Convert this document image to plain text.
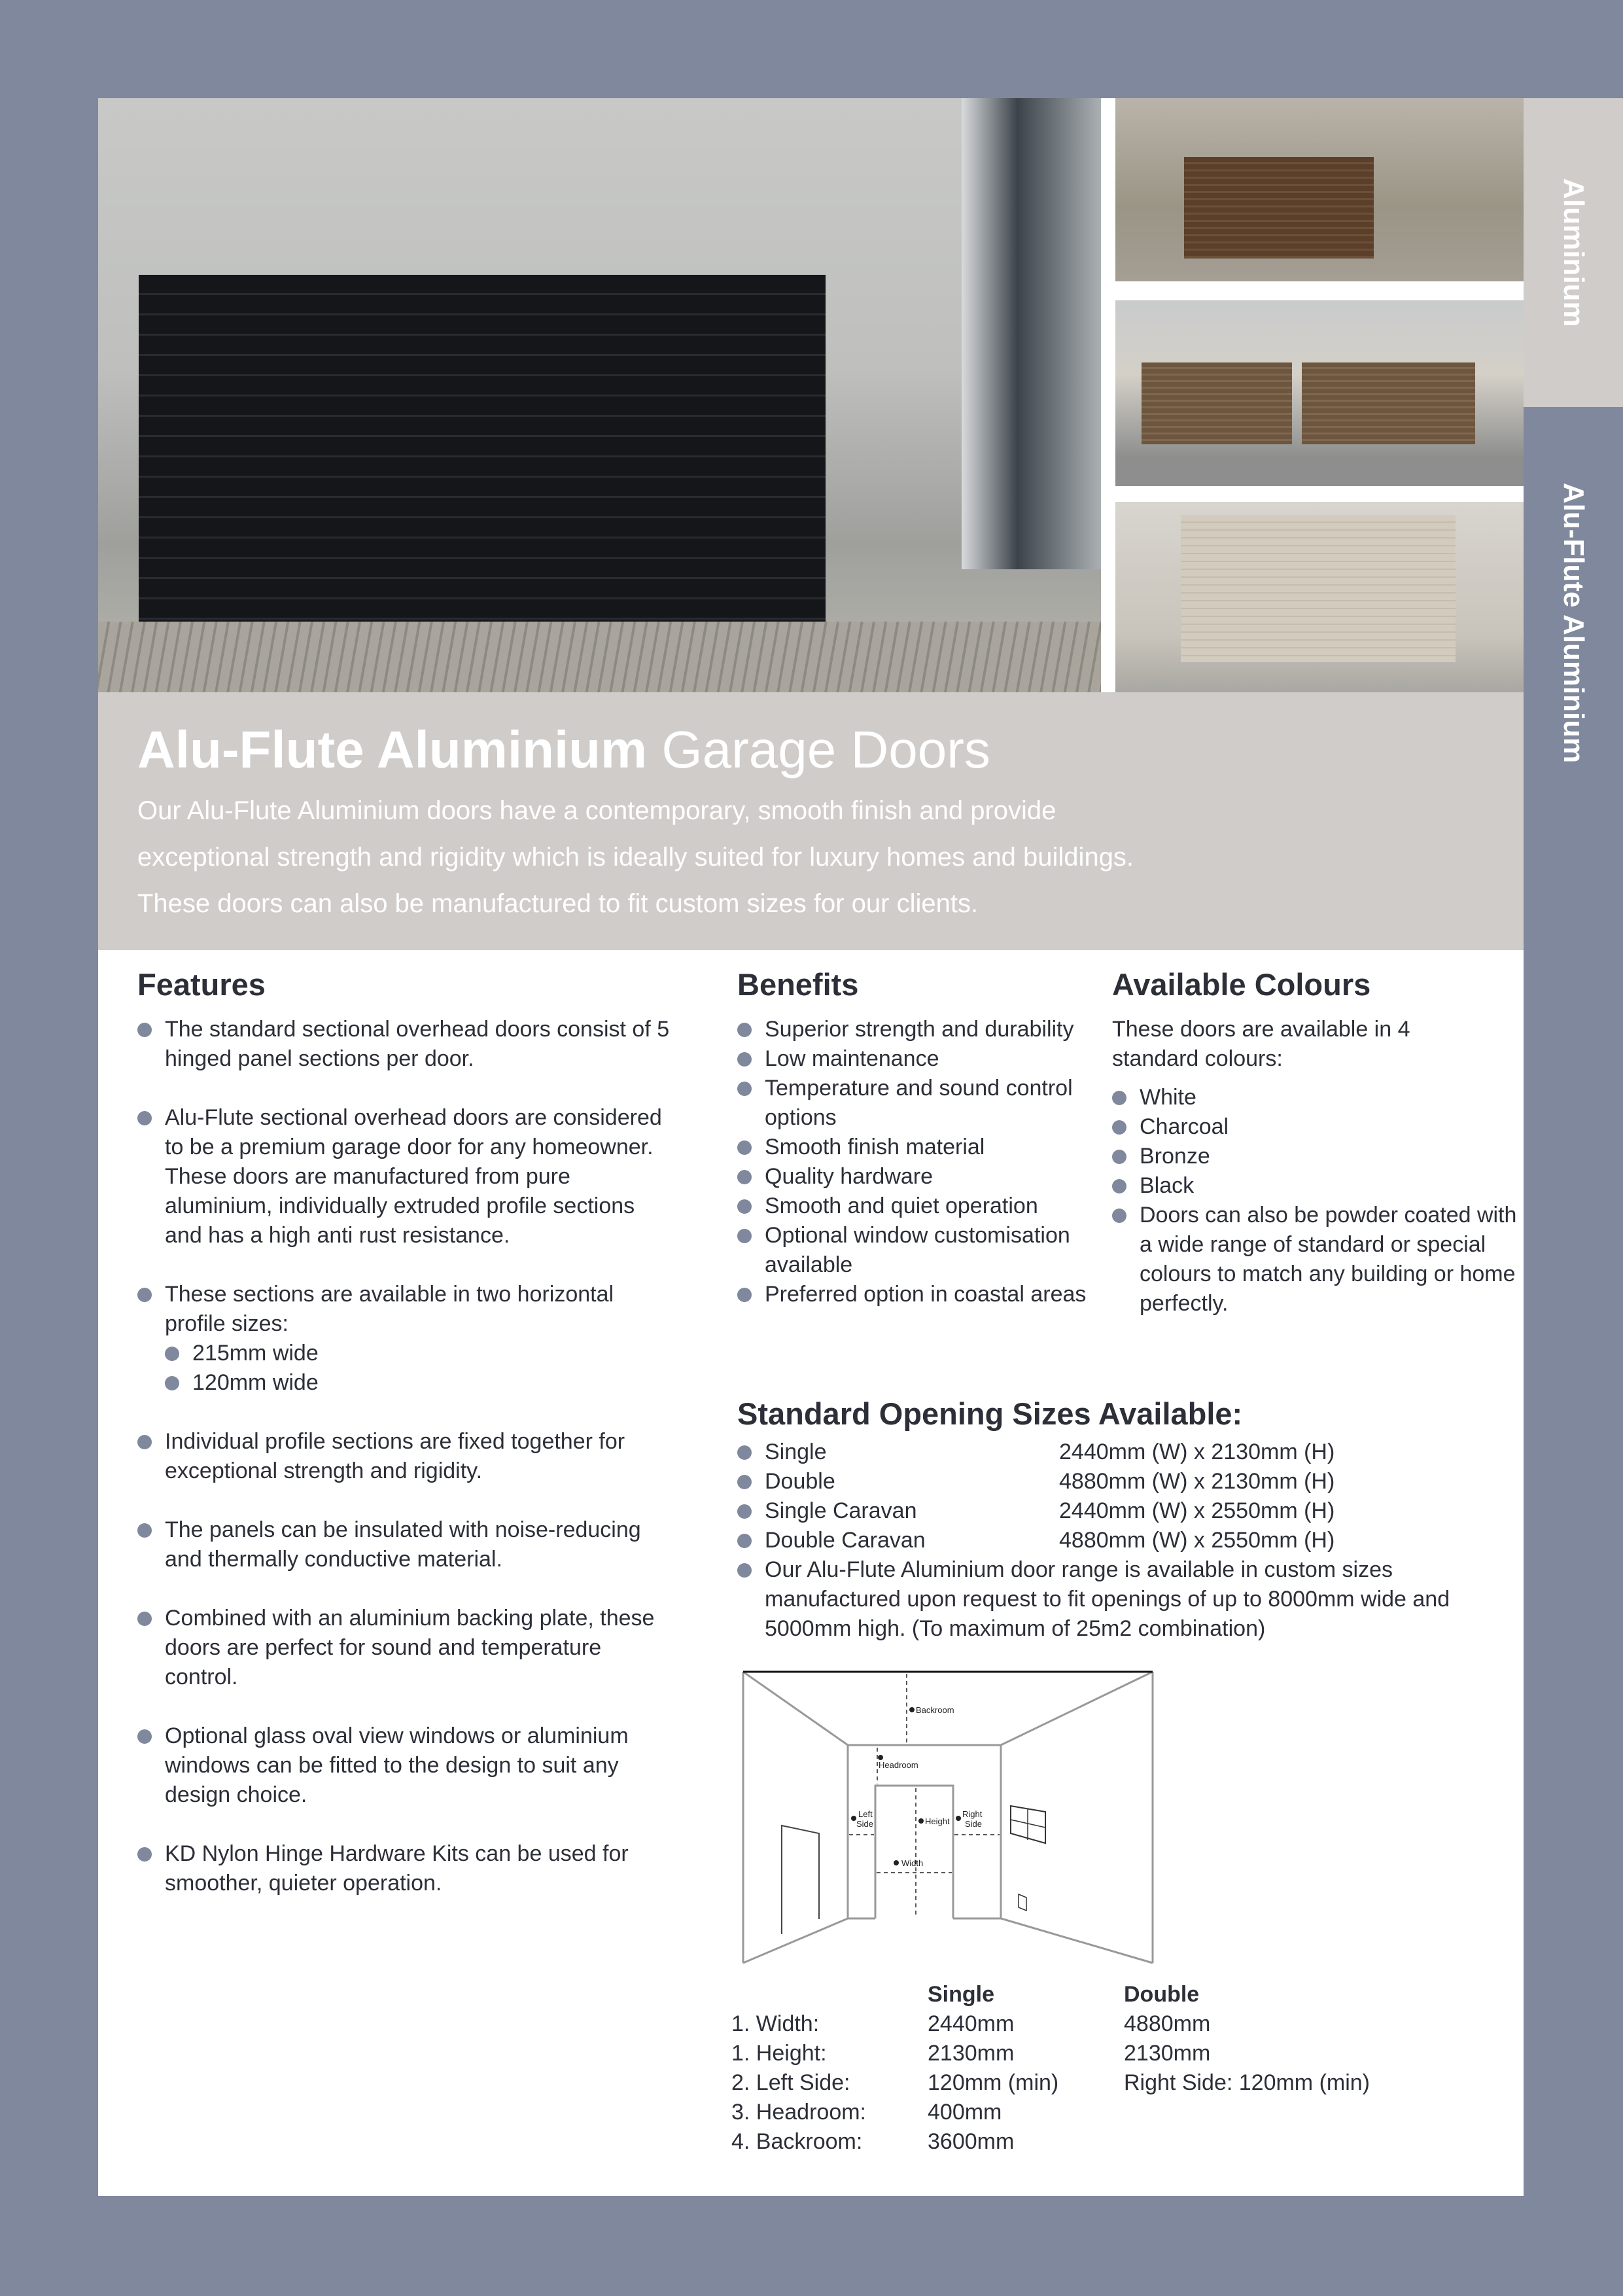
Aluminium
Alu-Flute Aluminium
Alu-Flute Aluminium Garage Doors

Our Alu-Flute Aluminium doors have a contemporary, smooth finish and provide
exceptional strength and rigidity which is ideally suited for luxury homes and buildings.
These doors can also be manufactured to fit custom sizes for our clients.

Features
The standard sectional overhead doors consist of 5 hinged panel sections per door.
Alu-Flute sectional overhead doors are considered to be a premium garage door for any homeowner. These doors are manufactured from pure aluminium, individually extruded profile sections and has a high anti rust resistance.
These sections are available in two horizontal profile sizes:
215mm wide
120mm wide
Individual profile sections are fixed together for exceptional strength and rigidity.
The panels can be insulated with noise-reducing and thermally conductive material.
Combined with an aluminium backing plate, these doors are perfect for sound and temperature control.
Optional glass oval view windows or aluminium windows can be fitted to the design to suit any design choice.
KD Nylon Hinge Hardware Kits can be used for smoother, quieter operation.
Benefits
Superior strength and durability
Low maintenance
Temperature and sound control options
Smooth finish material
Quality hardware
Smooth and quiet operation
Optional window customisation available
Preferred option in coastal areas
Available Colours

These doors are available in 4 standard colours:

White
Charcoal
Bronze
Black
Doors can also be powder coated with a wide range of standard or special colours to match any building or home perfectly.
Standard Opening Sizes Available:
Single	2440mm (W) x 2130mm (H)
Double	4880mm (W) x 2130mm (H)
Single Caravan	2440mm (W) x 2550mm (H)
Double Caravan	4880mm (W) x 2550mm (H)
Our Alu-Flute Aluminium door range is available in custom sizes manufactured upon request to fit openings of up to 8000mm wide and 5000mm high. (To maximum of 25m2 combination)
Backroom
Headroom
Left
Side	Height
Right
Side
Width
	Single	Double
1. Width:	2440mm	4880mm
1. Height:	2130mm	2130mm
2. Left Side:	120mm (min)	Right Side: 120mm (min)
3. Headroom:	400mm	
4. Backroom:	3600mm	
